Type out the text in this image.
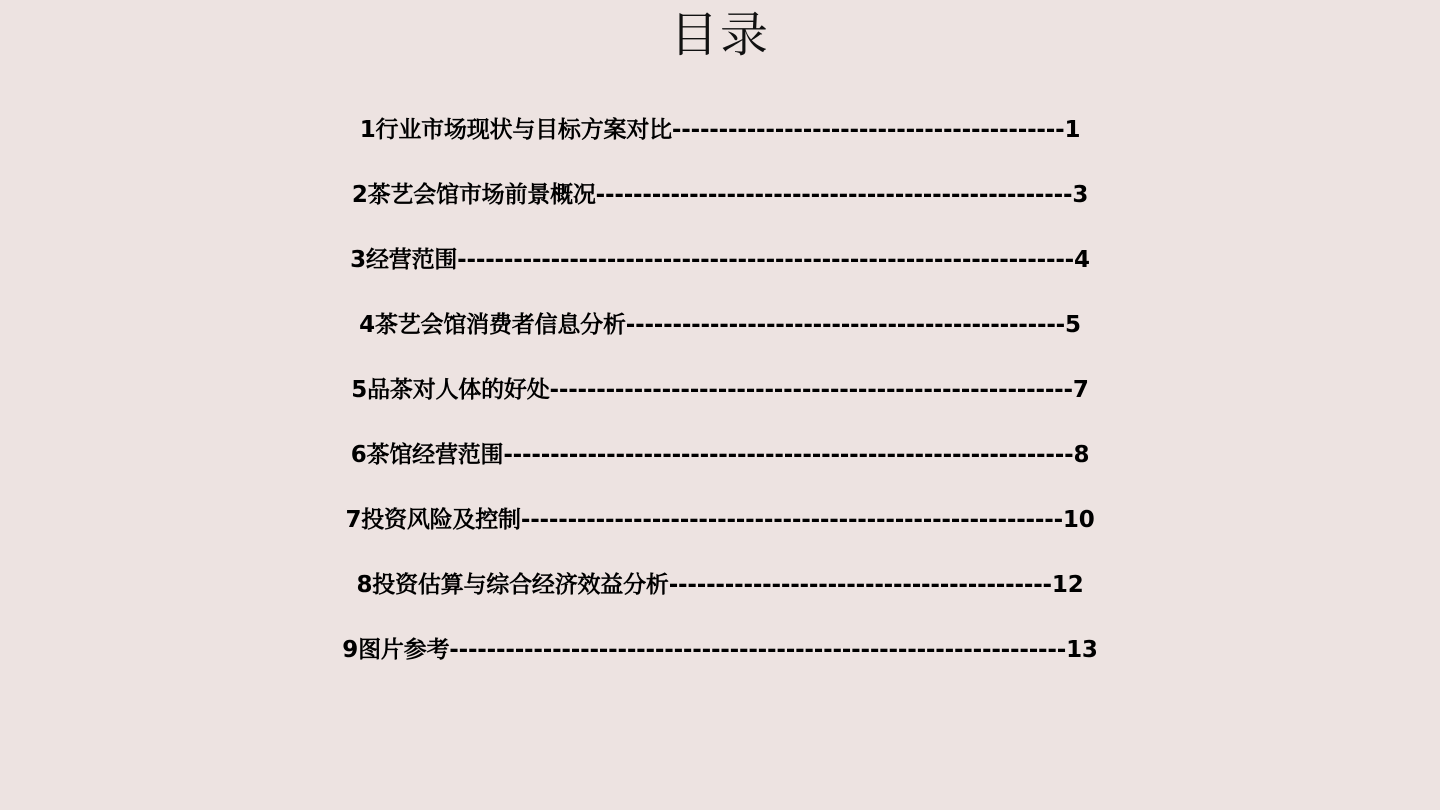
目录
1行业市场现状与目标方案对比------------------------------------------1
2茶艺会馆市场前景概况---------------------------------------------------3
3经营范围------------------------------------------------------------------4
4茶艺会馆消费者信息分析-----------------------------------------------5
5品茶对人体的好处--------------------------------------------------------7
6茶馆经营范围-------------------------------------------------------------8
7投资风险及控制----------------------------------------------------------10
8投资估算与综合经济效益分析-----------------------------------------12
9图片参考------------------------------------------------------------------13
